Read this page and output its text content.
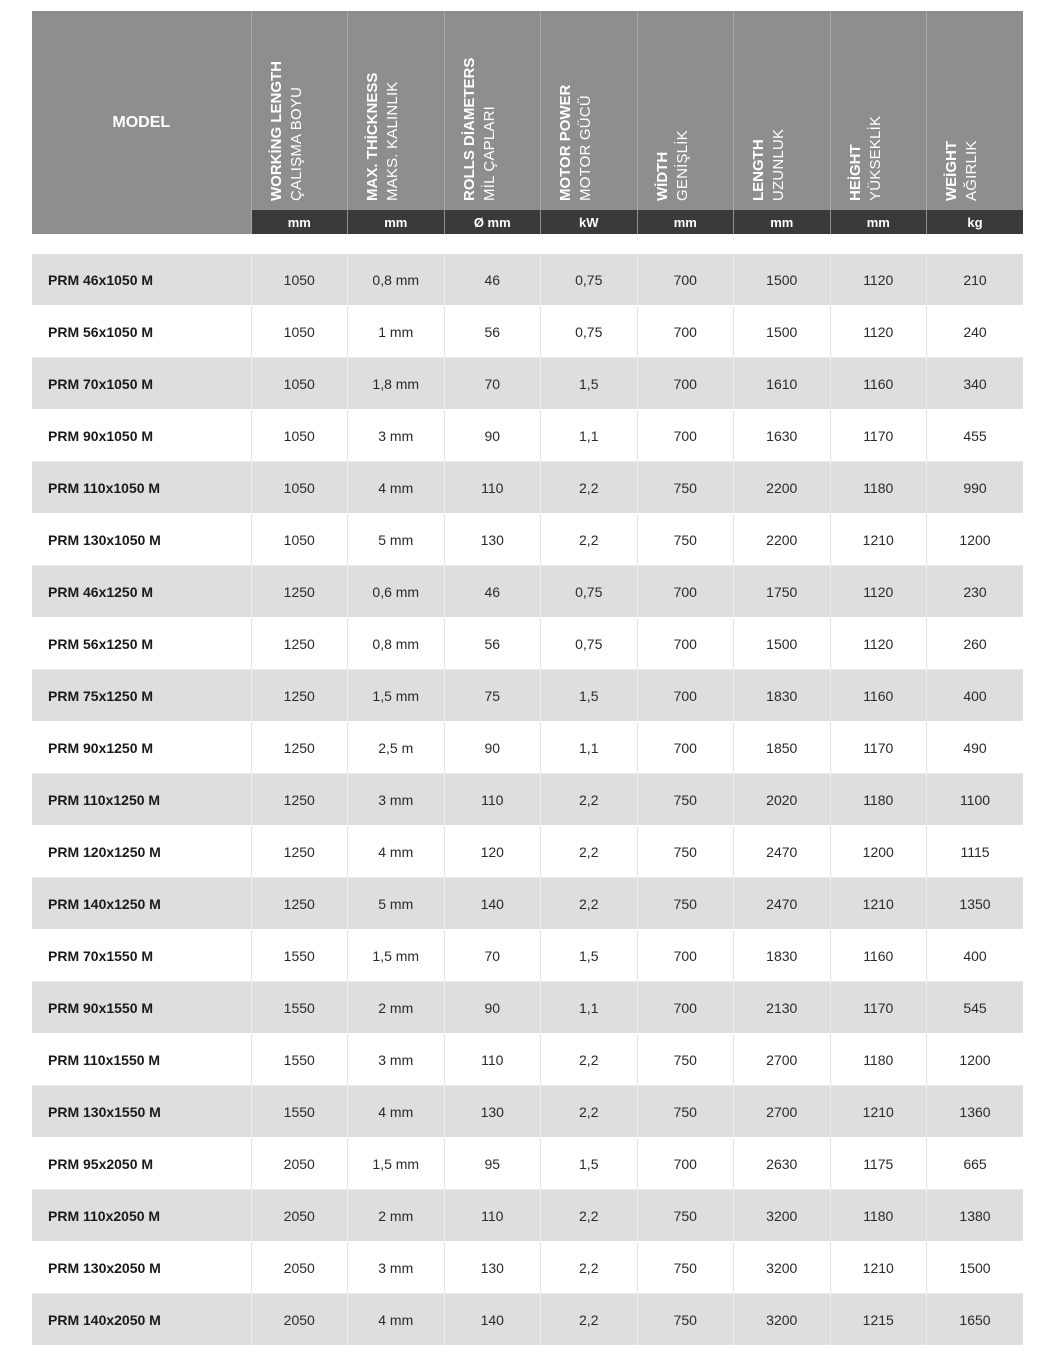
MODEL	WORKİNG LENGTH ÇALIŞMA BOYU	MAX. THİCKNESS MAKS. KALINLIK	ROLLS DİAMETERS MİL ÇAPLARI	MOTOR POWER MOTOR GÜCÜ	WİDTH GENİŞLİK	LENGTH UZUNLUK	HEİGHT YÜKSEKLİK	WEİGHT AĞIRLIK

	mm	mm	Ø mm	kW	mm	mm	mm	kg

PRM 46x1050 M	1050	0,8 mm	46	0,75	700	1500	1120	210
PRM 56x1050 M	1050	1 mm	56	0,75	700	1500	1120	240
PRM 70x1050 M	1050	1,8 mm	70	1,5	700	1610	1160	340
PRM 90x1050 M	1050	3 mm	90	1,1	700	1630	1170	455
PRM 110x1050 M	1050	4 mm	110	2,2	750	2200	1180	990
PRM 130x1050 M	1050	5 mm	130	2,2	750	2200	1210	1200
PRM 46x1250 M	1250	0,6 mm	46	0,75	700	1750	1120	230
PRM 56x1250 M	1250	0,8 mm	56	0,75	700	1500	1120	260
PRM 75x1250 M	1250	1,5 mm	75	1,5	700	1830	1160	400
PRM 90x1250 M	1250	2,5 m	90	1,1	700	1850	1170	490
PRM 110x1250 M	1250	3 mm	110	2,2	750	2020	1180	1100
PRM 120x1250 M	1250	4 mm	120	2,2	750	2470	1200	1115
PRM 140x1250 M	1250	5 mm	140	2,2	750	2470	1210	1350
PRM 70x1550 M	1550	1,5 mm	70	1,5	700	1830	1160	400
PRM 90x1550 M	1550	2 mm	90	1,1	700	2130	1170	545
PRM 110x1550 M	1550	3 mm	110	2,2	750	2700	1180	1200
PRM 130x1550 M	1550	4 mm	130	2,2	750	2700	1210	1360
PRM 95x2050 M	2050	1,5 mm	95	1,5	700	2630	1175	665
PRM 110x2050 M	2050	2 mm	110	2,2	750	3200	1180	1380
PRM 130x2050 M	2050	3 mm	130	2,2	750	3200	1210	1500
PRM 140x2050 M	2050	4 mm	140	2,2	750	3200	1215	1650
